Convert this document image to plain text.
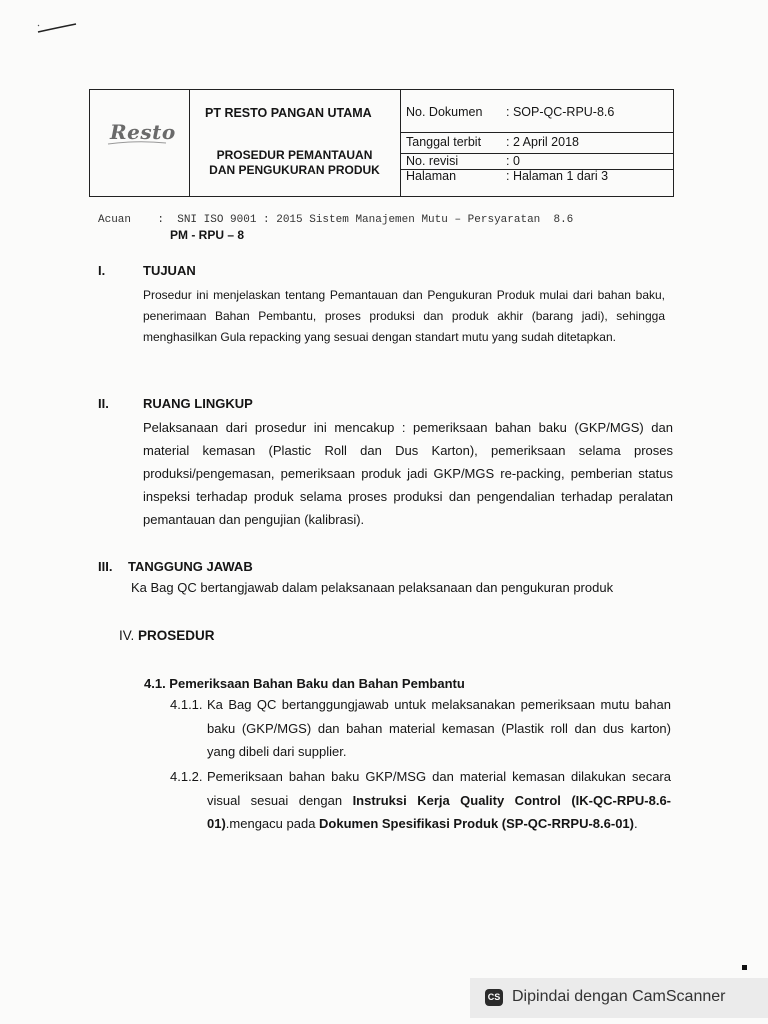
Resto
PT RESTO PANGAN UTAMA
PROSEDUR PEMANTAUAN
DAN PENGUKURAN PRODUK
No. Dokumen : SOP-QC-RPU-8.6
Tanggal terbit : 2 April 2018
No. revisi	: 0
Halaman	: Halaman 1 dari 3
Acuan    :  SNI ISO 9001 : 2015 Sistem Manajemen Mutu – Persyaratan  8.6
PM - RPU – 8
I.	TUJUAN
Prosedur ini menjelaskan tentang Pemantauan dan Pengukuran Produk mulai dari bahan baku, penerimaan Bahan Pembantu, proses produksi dan produk akhir (barang jadi), sehingga menghasilkan Gula repacking yang sesuai dengan standart mutu yang sudah ditetapkan.
II.	RUANG LINGKUP
Pelaksanaan dari prosedur ini mencakup : pemeriksaan bahan baku (GKP/MGS) dan material kemasan (Plastic Roll dan Dus Karton), pemeriksaan selama proses produksi/pengemasan, pemeriksaan produk jadi GKP/MGS re-packing, pemberian status inspeksi terhadap produk selama proses produksi dan pengendalian terhadap peralatan pemantauan dan pengujian (kalibrasi).
III. TANGGUNG JAWAB
Ka Bag QC bertangjawab dalam pelaksanaan pelaksanaan dan pengukuran produk
IV. PROSEDUR
4.1. Pemeriksaan Bahan Baku dan Bahan Pembantu
4.1.1. Ka Bag QC bertanggungjawab untuk melaksanakan pemeriksaan mutu bahan baku (GKP/MGS) dan bahan material kemasan (Plastik roll dan dus karton) yang dibeli dari supplier.
4.1.2. Pemeriksaan bahan baku GKP/MSG dan material kemasan dilakukan secara visual sesuai dengan Instruksi Kerja Quality Control (IK-QC-RPU-8.6-01).mengacu pada Dokumen Spesifikasi Produk (SP-QC-RRPU-8.6-01).
CS Dipindai dengan CamScanner
